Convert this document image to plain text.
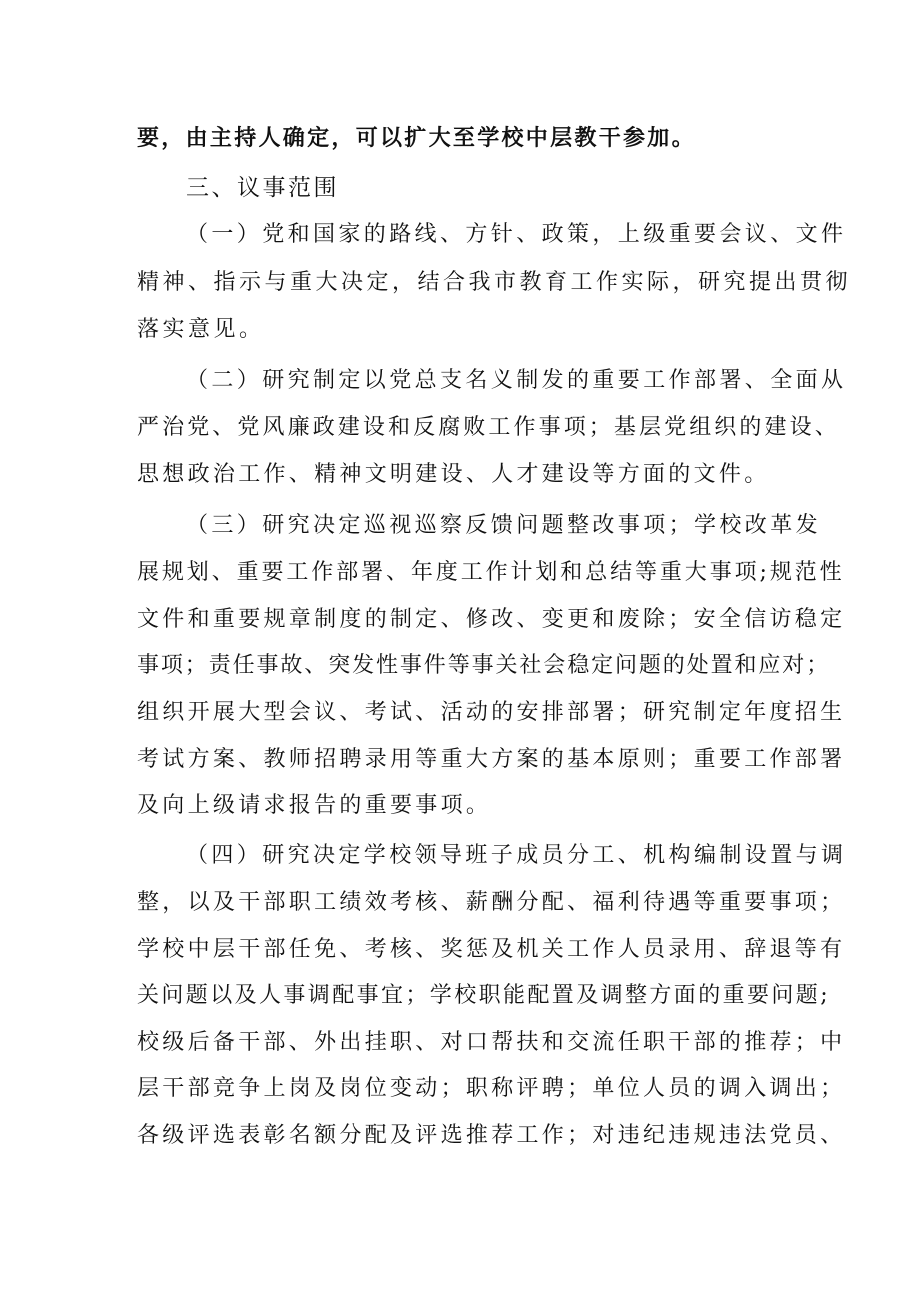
要，由主持人确定，可以扩大至学校中层教干参加。
三、议事范围
（一）党和国家的路线、方针、政策，上级重要会议、文件
精神、指示与重大决定，结合我市教育工作实际，研究提出贯彻
落实意见。
（二）研究制定以党总支名义制发的重要工作部署、全面从
严治党、党风廉政建设和反腐败工作事项；基层党组织的建设、
思想政治工作、精神文明建设、人才建设等方面的文件。
（三）研究决定巡视巡察反馈问题整改事项；学校改革发
展规划、重要工作部署、年度工作计划和总结等重大事项;规范性
文件和重要规章制度的制定、修改、变更和废除；安全信访稳定
事项；责任事故、突发性事件等事关社会稳定问题的处置和应对；
组织开展大型会议、考试、活动的安排部署；研究制定年度招生
考试方案、教师招聘录用等重大方案的基本原则；重要工作部署
及向上级请求报告的重要事项。
（四）研究决定学校领导班子成员分工、机构编制设置与调
整，以及干部职工绩效考核、薪酬分配、福利待遇等重要事项；
学校中层干部任免、考核、奖惩及机关工作人员录用、辞退等有
关问题以及人事调配事宜；学校职能配置及调整方面的重要问题;
校级后备干部、外出挂职、对口帮扶和交流任职干部的推荐；中
层干部竞争上岗及岗位变动；职称评聘；单位人员的调入调出；
各级评选表彰名额分配及评选推荐工作；对违纪违规违法党员、
